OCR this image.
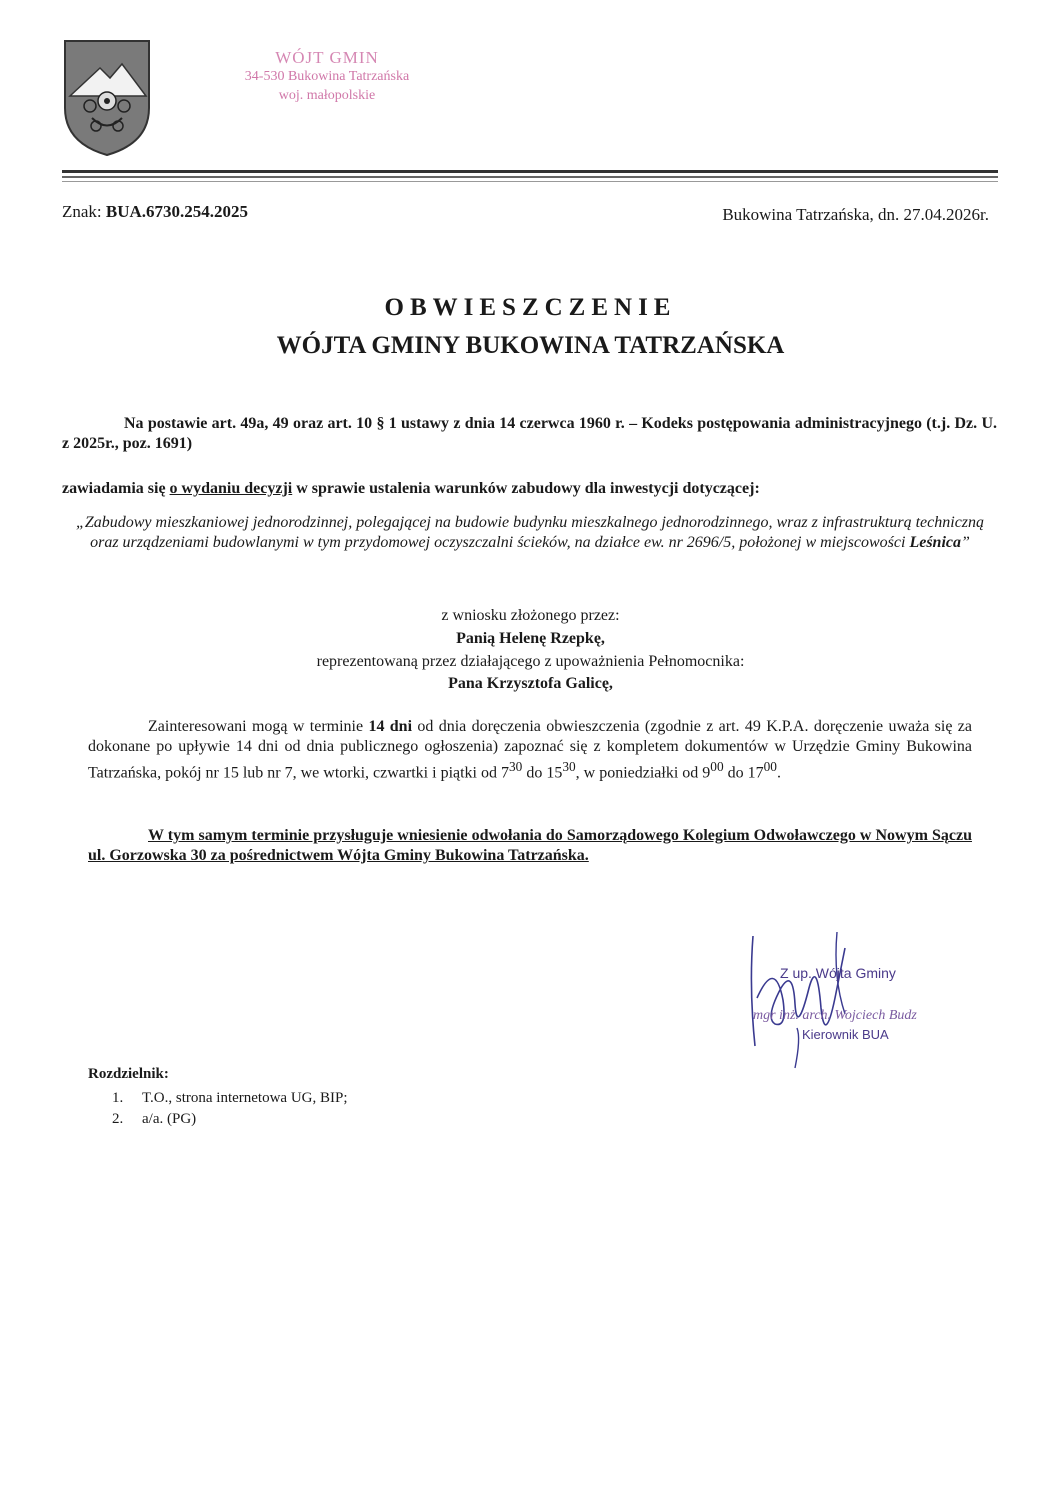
WÓJT GMIN
34-530 Bukowina Tatrzańska
woj. małopolskie
Znak: BUA.6730.254.2025	Bukowina Tatrzańska, dn. 27.04.2026r.
OBWIESZCZENIE
WÓJTA GMINY BUKOWINA TATRZAŃSKA
Na postawie art. 49a, 49 oraz art. 10 § 1 ustawy z dnia 14 czerwca 1960 r. – Kodeks postępowania administracyjnego (t.j. Dz. U. z 2025r., poz. 1691)
zawiadamia się o wydaniu decyzji w sprawie ustalenia warunków zabudowy dla inwestycji dotyczącej:
„Zabudowy mieszkaniowej jednorodzinnej, polegającej na budowie budynku mieszkalnego jednorodzinnego, wraz z infrastrukturą techniczną oraz urządzeniami budowlanymi w tym przydomowej oczyszczalni ścieków, na działce ew. nr 2696/5, położonej w miejscowości Leśnica”
z wniosku złożonego przez:
Panią Helenę Rzepkę,
reprezentowaną przez działającego z upoważnienia Pełnomocnika:
Pana Krzysztofa Galicę,
Zainteresowani mogą w terminie 14 dni od dnia doręczenia obwieszczenia (zgodnie z art. 49 K.P.A. doręczenie uważa się za dokonane po upływie 14 dni od dnia publicznego ogłoszenia) zapoznać się z kompletem dokumentów w Urzędzie Gminy Bukowina Tatrzańska, pokój nr 15 lub nr 7, we wtorki, czwartki i piątki od $7^{30}$ do $15^{30}$, w poniedziałki od $9^{00}$ do $17^{00}$.
W tym samym terminie przysługuje wniesienie odwołania do Samorządowego Kolegium Odwoławczego w Nowym Sączu ul. Gorzowska 30 za pośrednictwem Wójta Gminy Bukowina Tatrzańska.
Z up. Wójta Gminy
mgr inż. arch. Wojciech Budz
Kierownik BUA
Rozdzielnik:
1. T.O., strona internetowa UG, BIP;
2. a/a. (PG)
